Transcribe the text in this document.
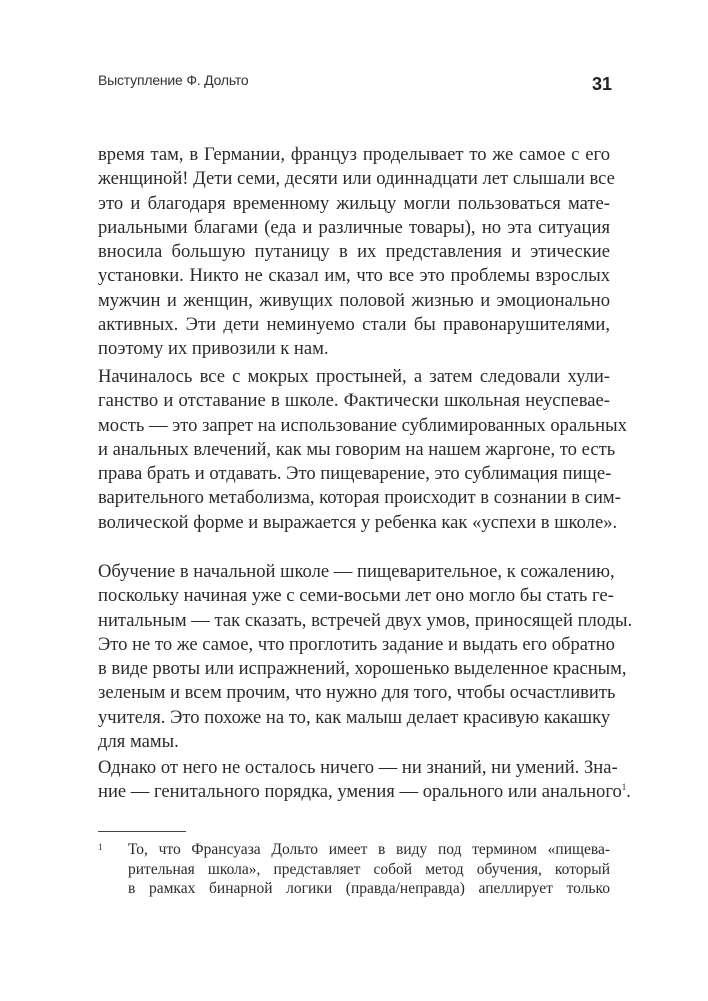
Выступление Ф. Дольто	31
время там, в Германии, француз проделывает то же самое с его
женщиной! Дети семи, десяти или одиннадцати лет слышали все
это и благодаря временному жильцу могли пользоваться мате-
риальными благами (еда и различные товары), но эта ситуация
вносила большую путаницу в их представления и этические
установки. Никто не сказал им, что все это проблемы взрослых
мужчин и женщин, живущих половой жизнью и эмоционально
активных. Эти дети неминуемо стали бы правонарушителями,
поэтому их привозили к нам.
Начиналось все с мокрых простыней, а затем следовали хули-
ганство и отставание в школе. Фактически школьная неуспевае-
мость — это запрет на использование сублимированных оральных
и анальных влечений, как мы говорим на нашем жаргоне, то есть
права брать и отдавать. Это пищеварение, это сублимация пище-
варительного метаболизма, которая происходит в сознании в сим-
волической форме и выражается у ребенка как «успехи в школе».
Обучение в начальной школе — пищеварительное, к сожалению,
поскольку начиная уже с семи-восьми лет оно могло бы стать ге-
нитальным — так сказать, встречей двух умов, приносящей плоды.
Это не то же самое, что проглотить задание и выдать его обратно
в виде рвоты или испражнений, хорошенько выделенное красным,
зеленым и всем прочим, что нужно для того, чтобы осчастливить
учителя. Это похоже на то, как малыш делает красивую какашку
для мамы.
Однако от него не осталось ничего — ни знаний, ни умений. Зна-
ние — генитального порядка, умения — орального или анального$^1$.
1 То, что Франсуаза Дольто имеет в виду под термином «пищева-
рительная школа», представляет собой метод обучения, который
в рамках бинарной логики (правда/неправда) апеллирует только
